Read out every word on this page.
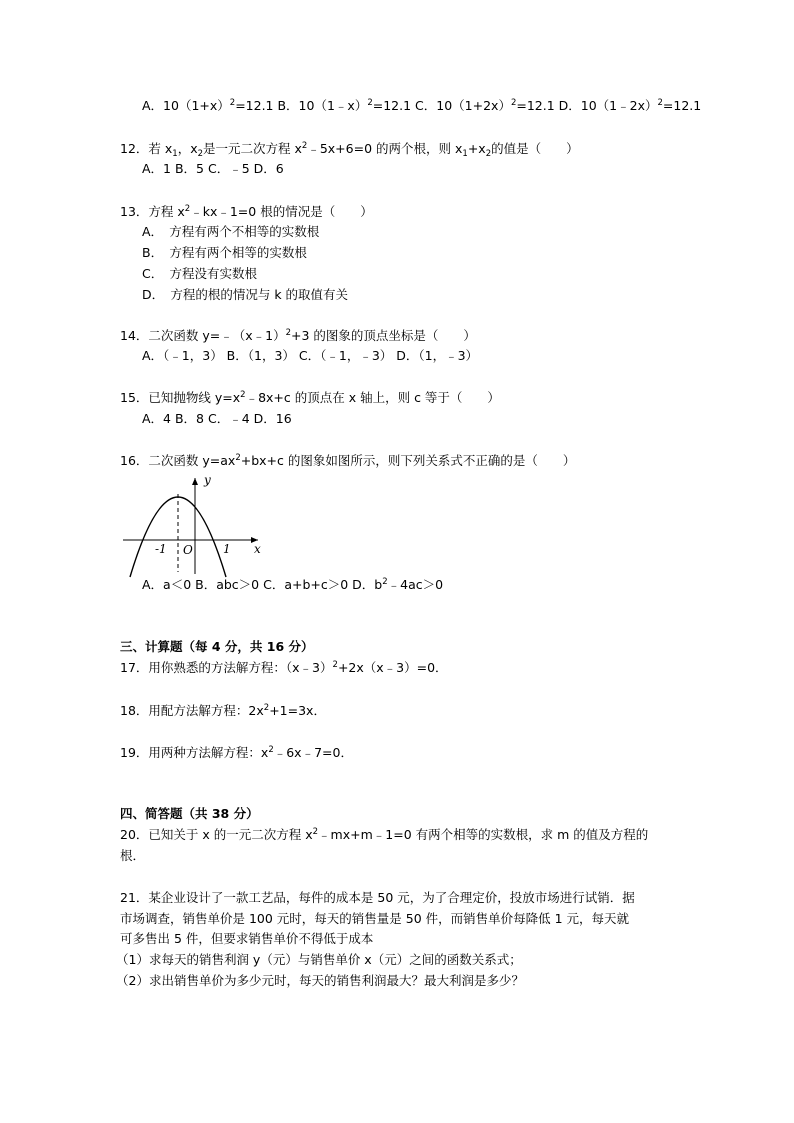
A．$10(1+x)^2=12.1$ B．10（1﹣x）$^2$=12.1 C．$10(1+2x)^2=12.1$ D．10（1﹣2x）$^2$=12.1
12．若 $x_1$，$x_2$是一元二次方程 $x^2﹣5x+6=0$ 的两个根，则 $x_1+x_2$的值是（　　）
A．1 B．5 C．﹣5 D．6
13．方程 $x^2﹣kx﹣1=0$ 根的情况是（　　）
A．　方程有两个不相等的实数根
B．　方程有两个相等的实数根
C．　方程没有实数根
D．　方程的根的情况与 k 的取值有关
14．二次函数 y=﹣（x﹣1）$^2$+3 的图象的顶点坐标是（　　）
A．（﹣1，3） B．（1，3） C．（﹣1，﹣3） D．（1，﹣3）
15．已知抛物线 $y=x^2﹣8x+c$ 的顶点在 x 轴上，则 c 等于（　　）
A．4 B．8 C．﹣4 D．16
16．二次函数 $y=ax^2+bx+c$ 的图象如图所示，则下列关系式不正确的是（　　）
y
x
O
-1	1
A．a＜0 B．abc＞0 C．a+b+c＞0 D．$b^2﹣4ac>0$
三、计算题（每 4 分，共 16 分）
17．用你熟悉的方法解方程：（x﹣3）$^2$+2x（x﹣3）=0．
18．用配方法解方程：$2x^2+1=3x$．
19．用两种方法解方程：$x^2﹣6x﹣7=0$．
四、简答题（共 38 分）
20．已知关于 x 的一元二次方程 $x^2﹣mx+m﹣1=0$ 有两个相等的实数根，求 m 的值及方程的
根．
21．某企业设计了一款工艺品，每件的成本是 50 元，为了合理定价，投放市场进行试销．据
市场调查，销售单价是 100 元时，每天的销售量是 50 件，而销售单价每降低 1 元，每天就
可多售出 5 件，但要求销售单价不得低于成本
（1）求每天的销售利润 y（元）与销售单价 x（元）之间的函数关系式；
（2）求出销售单价为多少元时，每天的销售利润最大？最大利润是多少？
